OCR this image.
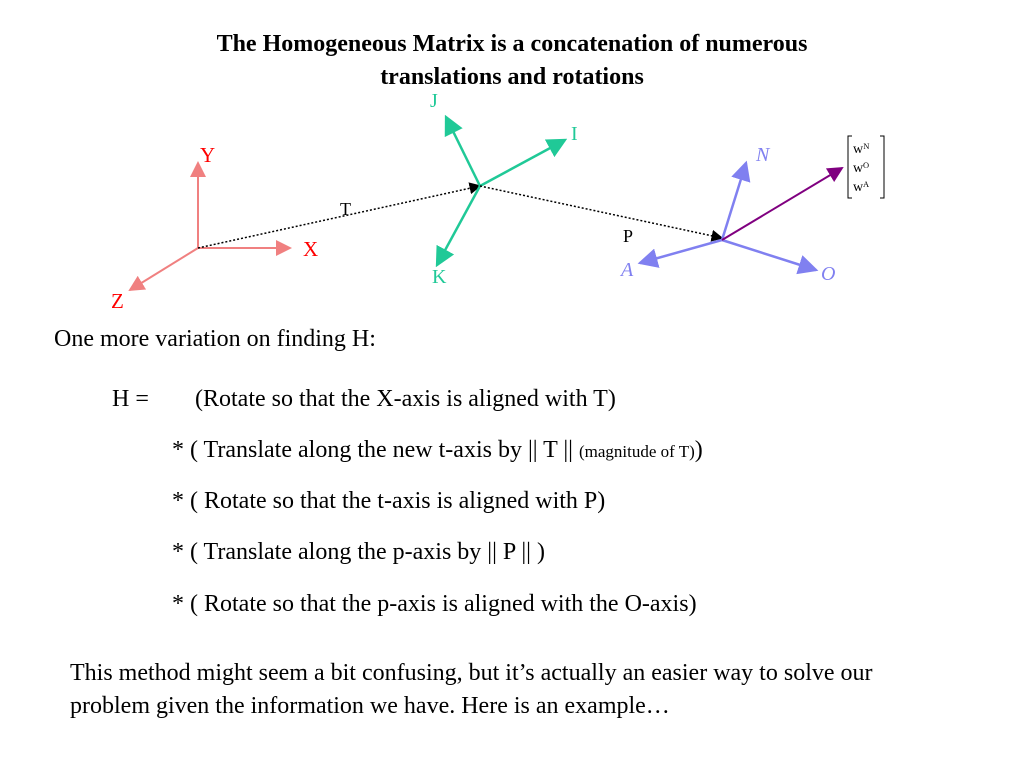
The Homogeneous Matrix is a concatenation of numerous
translations and rotations
Y
X
Z
T
J
I
K
P
N
O
A
wᴺ
wᴼ
wᴬ
One more variation on finding H:
H = (Rotate so that the X-axis is aligned with T)
* ( Translate along the new t-axis by || T || (magnitude of T))
* ( Rotate so that the t-axis is aligned with P)
* ( Translate along the p-axis by || P || )
* ( Rotate so that the p-axis is aligned with the O-axis)
This method might seem a bit confusing, but it’s actually an easier way to solve our problem given the information we have. Here is an example…
